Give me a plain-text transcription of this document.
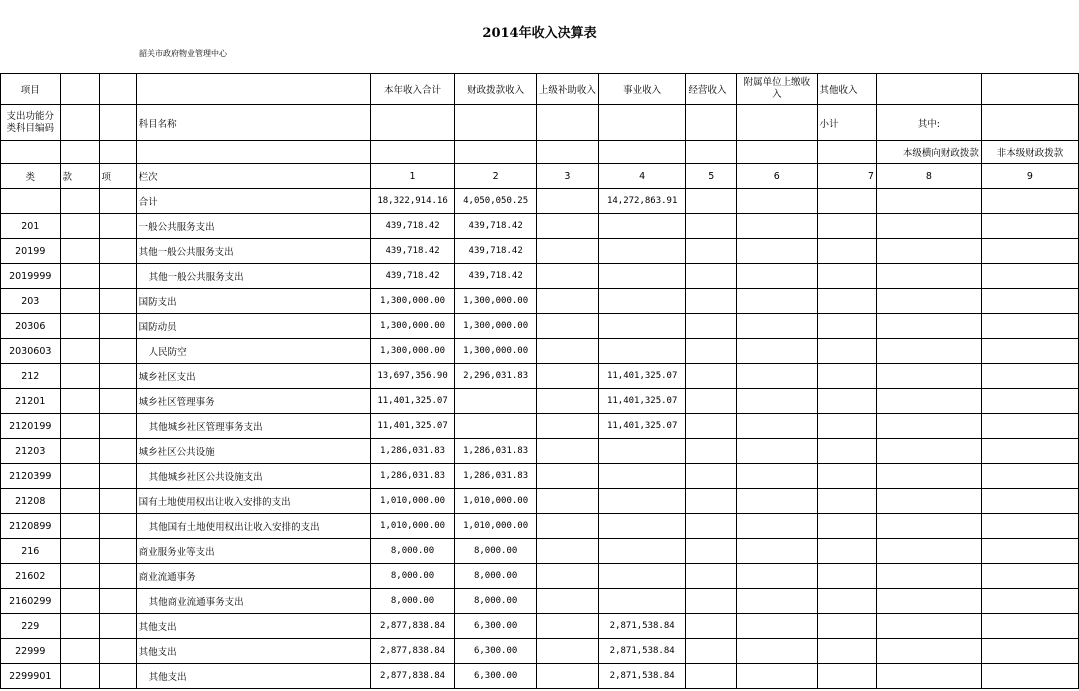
2014年收入决算表
韶关市政府物业管理中心
项目				本年收入合计	财政拨款收入	上级补助收入	事业收入	经营收入	附属单位上缴收入	其他收入		
支出功能分类科目编码			科目名称							小计	其中:	
											本级横向财政拨款	非本级财政拨款
类	款	项	栏次	1	2	3	4	5	6	7	8	9
			合计	18,322,914.16	4,050,050.25		14,272,863.91					
201			一般公共服务支出	439,718.42	439,718.42							
20199			其他一般公共服务支出	439,718.42	439,718.42							
2019999			其他一般公共服务支出	439,718.42	439,718.42							
203			国防支出	1,300,000.00	1,300,000.00							
20306			国防动员	1,300,000.00	1,300,000.00							
2030603			人民防空	1,300,000.00	1,300,000.00							
212			城乡社区支出	13,697,356.90	2,296,031.83		11,401,325.07					
21201			城乡社区管理事务	11,401,325.07			11,401,325.07					
2120199			其他城乡社区管理事务支出	11,401,325.07			11,401,325.07					
21203			城乡社区公共设施	1,286,031.83	1,286,031.83							
2120399			其他城乡社区公共设施支出	1,286,031.83	1,286,031.83							
21208			国有土地使用权出让收入安排的支出	1,010,000.00	1,010,000.00							
2120899			其他国有土地使用权出让收入安排的支出	1,010,000.00	1,010,000.00							
216			商业服务业等支出	8,000.00	8,000.00							
21602			商业流通事务	8,000.00	8,000.00							
2160299			其他商业流通事务支出	8,000.00	8,000.00							
229			其他支出	2,877,838.84	6,300.00		2,871,538.84					
22999			其他支出	2,877,838.84	6,300.00		2,871,538.84					
2299901			其他支出	2,877,838.84	6,300.00		2,871,538.84					
